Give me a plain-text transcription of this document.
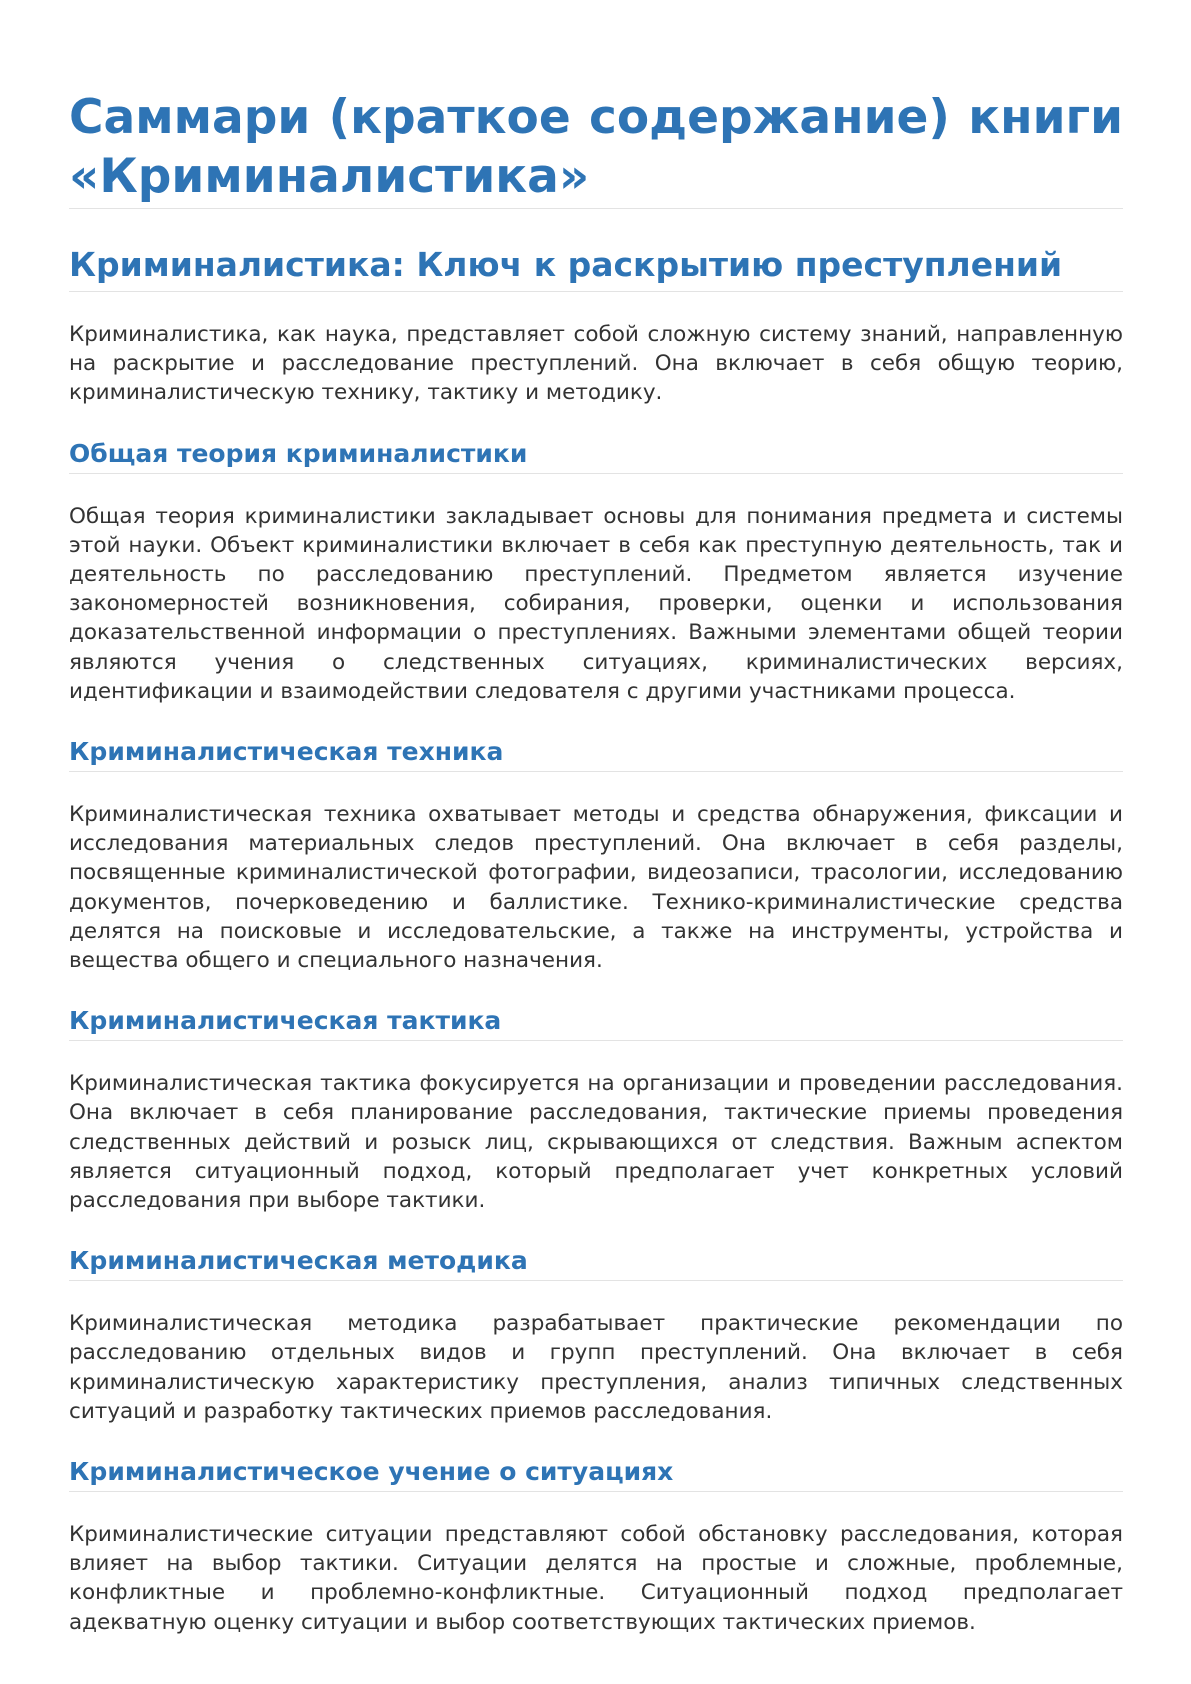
Саммари (краткое содержание) книги «Криминалистика»
Криминалистика: Ключ к раскрытию преступлений

Криминалистика, как наука, представляет собой сложную систему знаний, направленную на раскрытие и расследование преступлений. Она включает в себя общую теорию, криминалистическую технику, тактику и методику.

Общая теория криминалистики

Общая теория криминалистики закладывает основы для понимания предмета и системы этой науки. Объект криминалистики включает в себя как преступную деятельность, так и деятельность по расследованию преступлений. Предметом является изучение закономерностей возникновения, собирания, проверки, оценки и использования доказательственной информации о преступлениях. Важными элементами общей теории являются учения о следственных ситуациях, криминалистических версиях, идентификации и взаимодействии следователя с другими участниками процесса.

Криминалистическая техника

Криминалистическая техника охватывает методы и средства обнаружения, фиксации и исследования материальных следов преступлений. Она включает в себя разделы, посвященные криминалистической фотографии, видеозаписи, трасологии, исследованию документов, почерковедению и баллистике. Технико-криминалистические средства делятся на поисковые и исследовательские, а также на инструменты, устройства и вещества общего и специального назначения.

Криминалистическая тактика

Криминалистическая тактика фокусируется на организации и проведении расследования. Она включает в себя планирование расследования, тактические приемы проведения следственных действий и розыск лиц, скрывающихся от следствия. Важным аспектом является ситуационный подход, который предполагает учет конкретных условий расследования при выборе тактики.

Криминалистическая методика

Криминалистическая методика разрабатывает практические рекомендации по расследованию отдельных видов и групп преступлений. Она включает в себя криминалистическую характеристику преступления, анализ типичных следственных ситуаций и разработку тактических приемов расследования.

Криминалистическое учение о ситуациях

Криминалистические ситуации представляют собой обстановку расследования, которая влияет на выбор тактики. Ситуации делятся на простые и сложные, проблемные, конфликтные и проблемно-конфликтные. Ситуационный подход предполагает адекватную оценку ситуации и выбор соответствующих тактических приемов.
